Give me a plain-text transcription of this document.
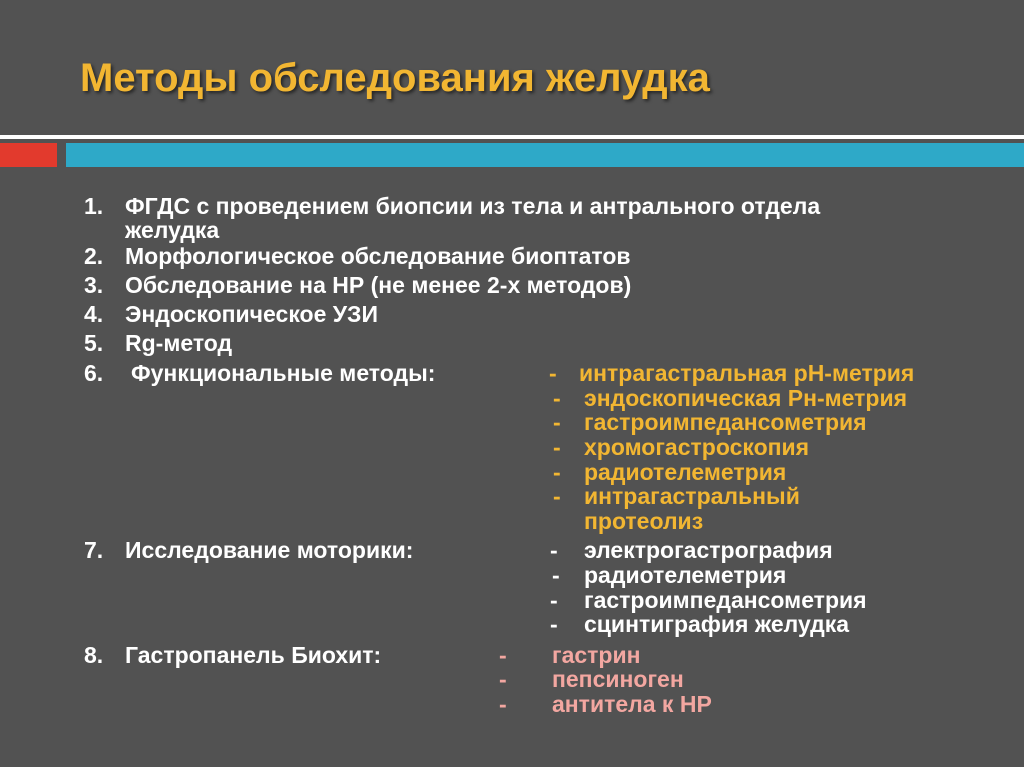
Методы обследования желудка
1. ФГДС с проведением биопсии из тела и антрального отдела
желудка
2. Морфологическое обследование биоптатов
3. Обследование на НР (не менее 2-х методов)
4. Эндоскопическое УЗИ
5. Rg-метод
6. Функциональные методы:	- интрагастральная рН-метрия
- эндоскопическая Рн-метрия
- гастроимпедансометрия
- хромогастроскопия
- радиотелеметрия
- интрагастральный
протеолиз
7. Исследование моторики:	- электрогастрография
- радиотелеметрия
- гастроимпедансометрия
- сцинтиграфия желудка
8. Гастропанель Биохит:	- гастрин
- пепсиноген
- антитела к НР
